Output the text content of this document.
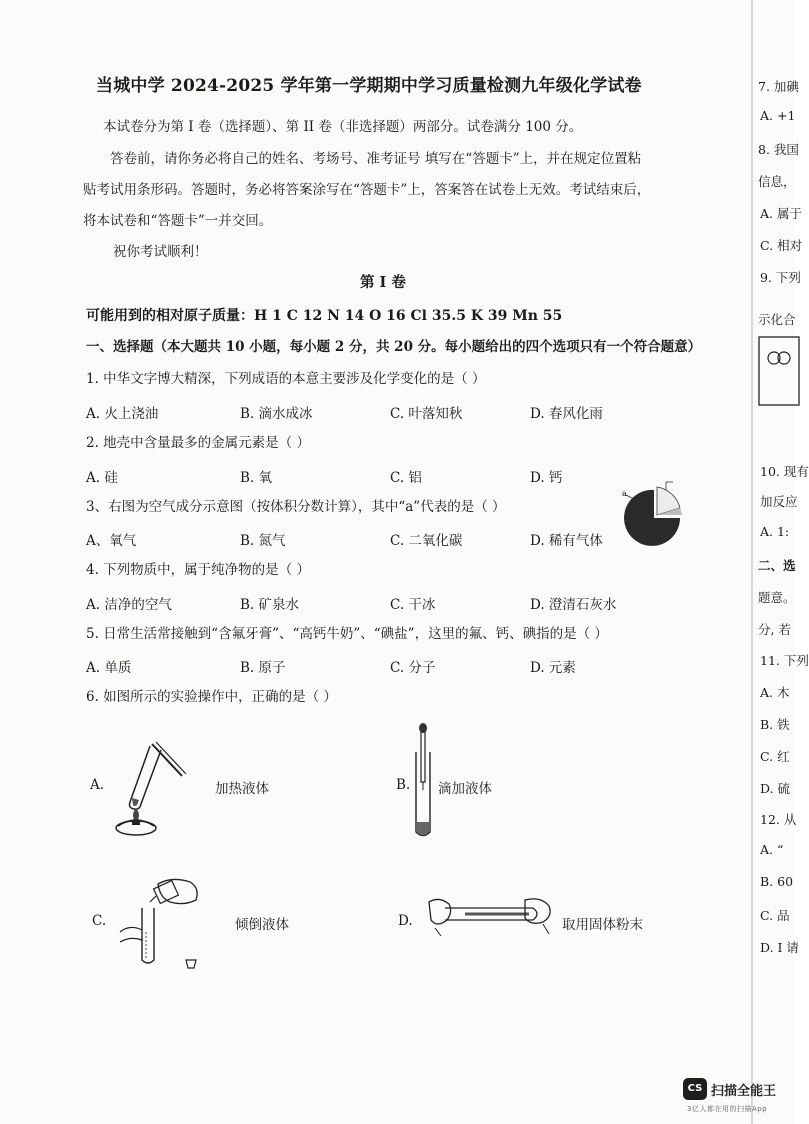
当城中学 2024-2025 学年第一学期期中学习质量检测九年级化学试卷
本试卷分为第 I 卷（选择题）、第 II 卷（非选择题）两部分。试卷满分 100 分。
答卷前，请你务必将自己的姓名、考场号、准考证号 填写在“答题卡”上，并在规定位置粘
贴考试用条形码。答题时，务必将答案涂写在“答题卡”上，答案答在试卷上无效。考试结束后，
将本试卷和“答题卡”一并交回。
祝你考试顺利！
第 I 卷
可能用到的相对原子质量：H 1 C 12 N 14 O 16 Cl 35.5 K 39 Mn 55
一、选择题（本大题共 10 小题，每小题 2 分，共 20 分。每小题给出的四个选项只有一个符合题意）
1. 中华文字博大精深，下列成语的本意主要涉及化学变化的是（ ）
A. 火上浇油	B. 滴水成冰	C. 叶落知秋	D. 春风化雨
2. 地壳中含量最多的金属元素是（ ）
A. 硅	B. 氧	C. 铝	D. 钙
3、右图为空气成分示意图（按体积分数计算），其中“a”代表的是（ ）
A、氧气	B. 氮气	C. 二氧化碳	D. 稀有气体
a
4. 下列物质中，属于纯净物的是（ ）
A. 洁净的空气	B. 矿泉水	C. 干冰	D. 澄清石灰水
5. 日常生活常接触到“含氟牙膏”、“高钙牛奶”、“碘盐”，这里的氟、钙、碘指的是（ ）
A. 单质	B. 原子	C. 分子	D. 元素
6. 如图所示的实验操作中，正确的是（ ）
A.	加热液体	B. 滴加液体
C.	倾倒液体	D.	取用固体粉末
7. 加碘
A. +1
8. 我国
信息，
A. 属于
C. 相对
9. 下列
示化合
10. 现有
加反应
A. 1:
二、选
题意。
分, 若
11. 下列
A. 木
B. 铁
C. 红
D. 硫
12. 从
A. “
B. 60
C. 品
D. I 请
CS 扫描全能王
3亿人都在用的扫描App
